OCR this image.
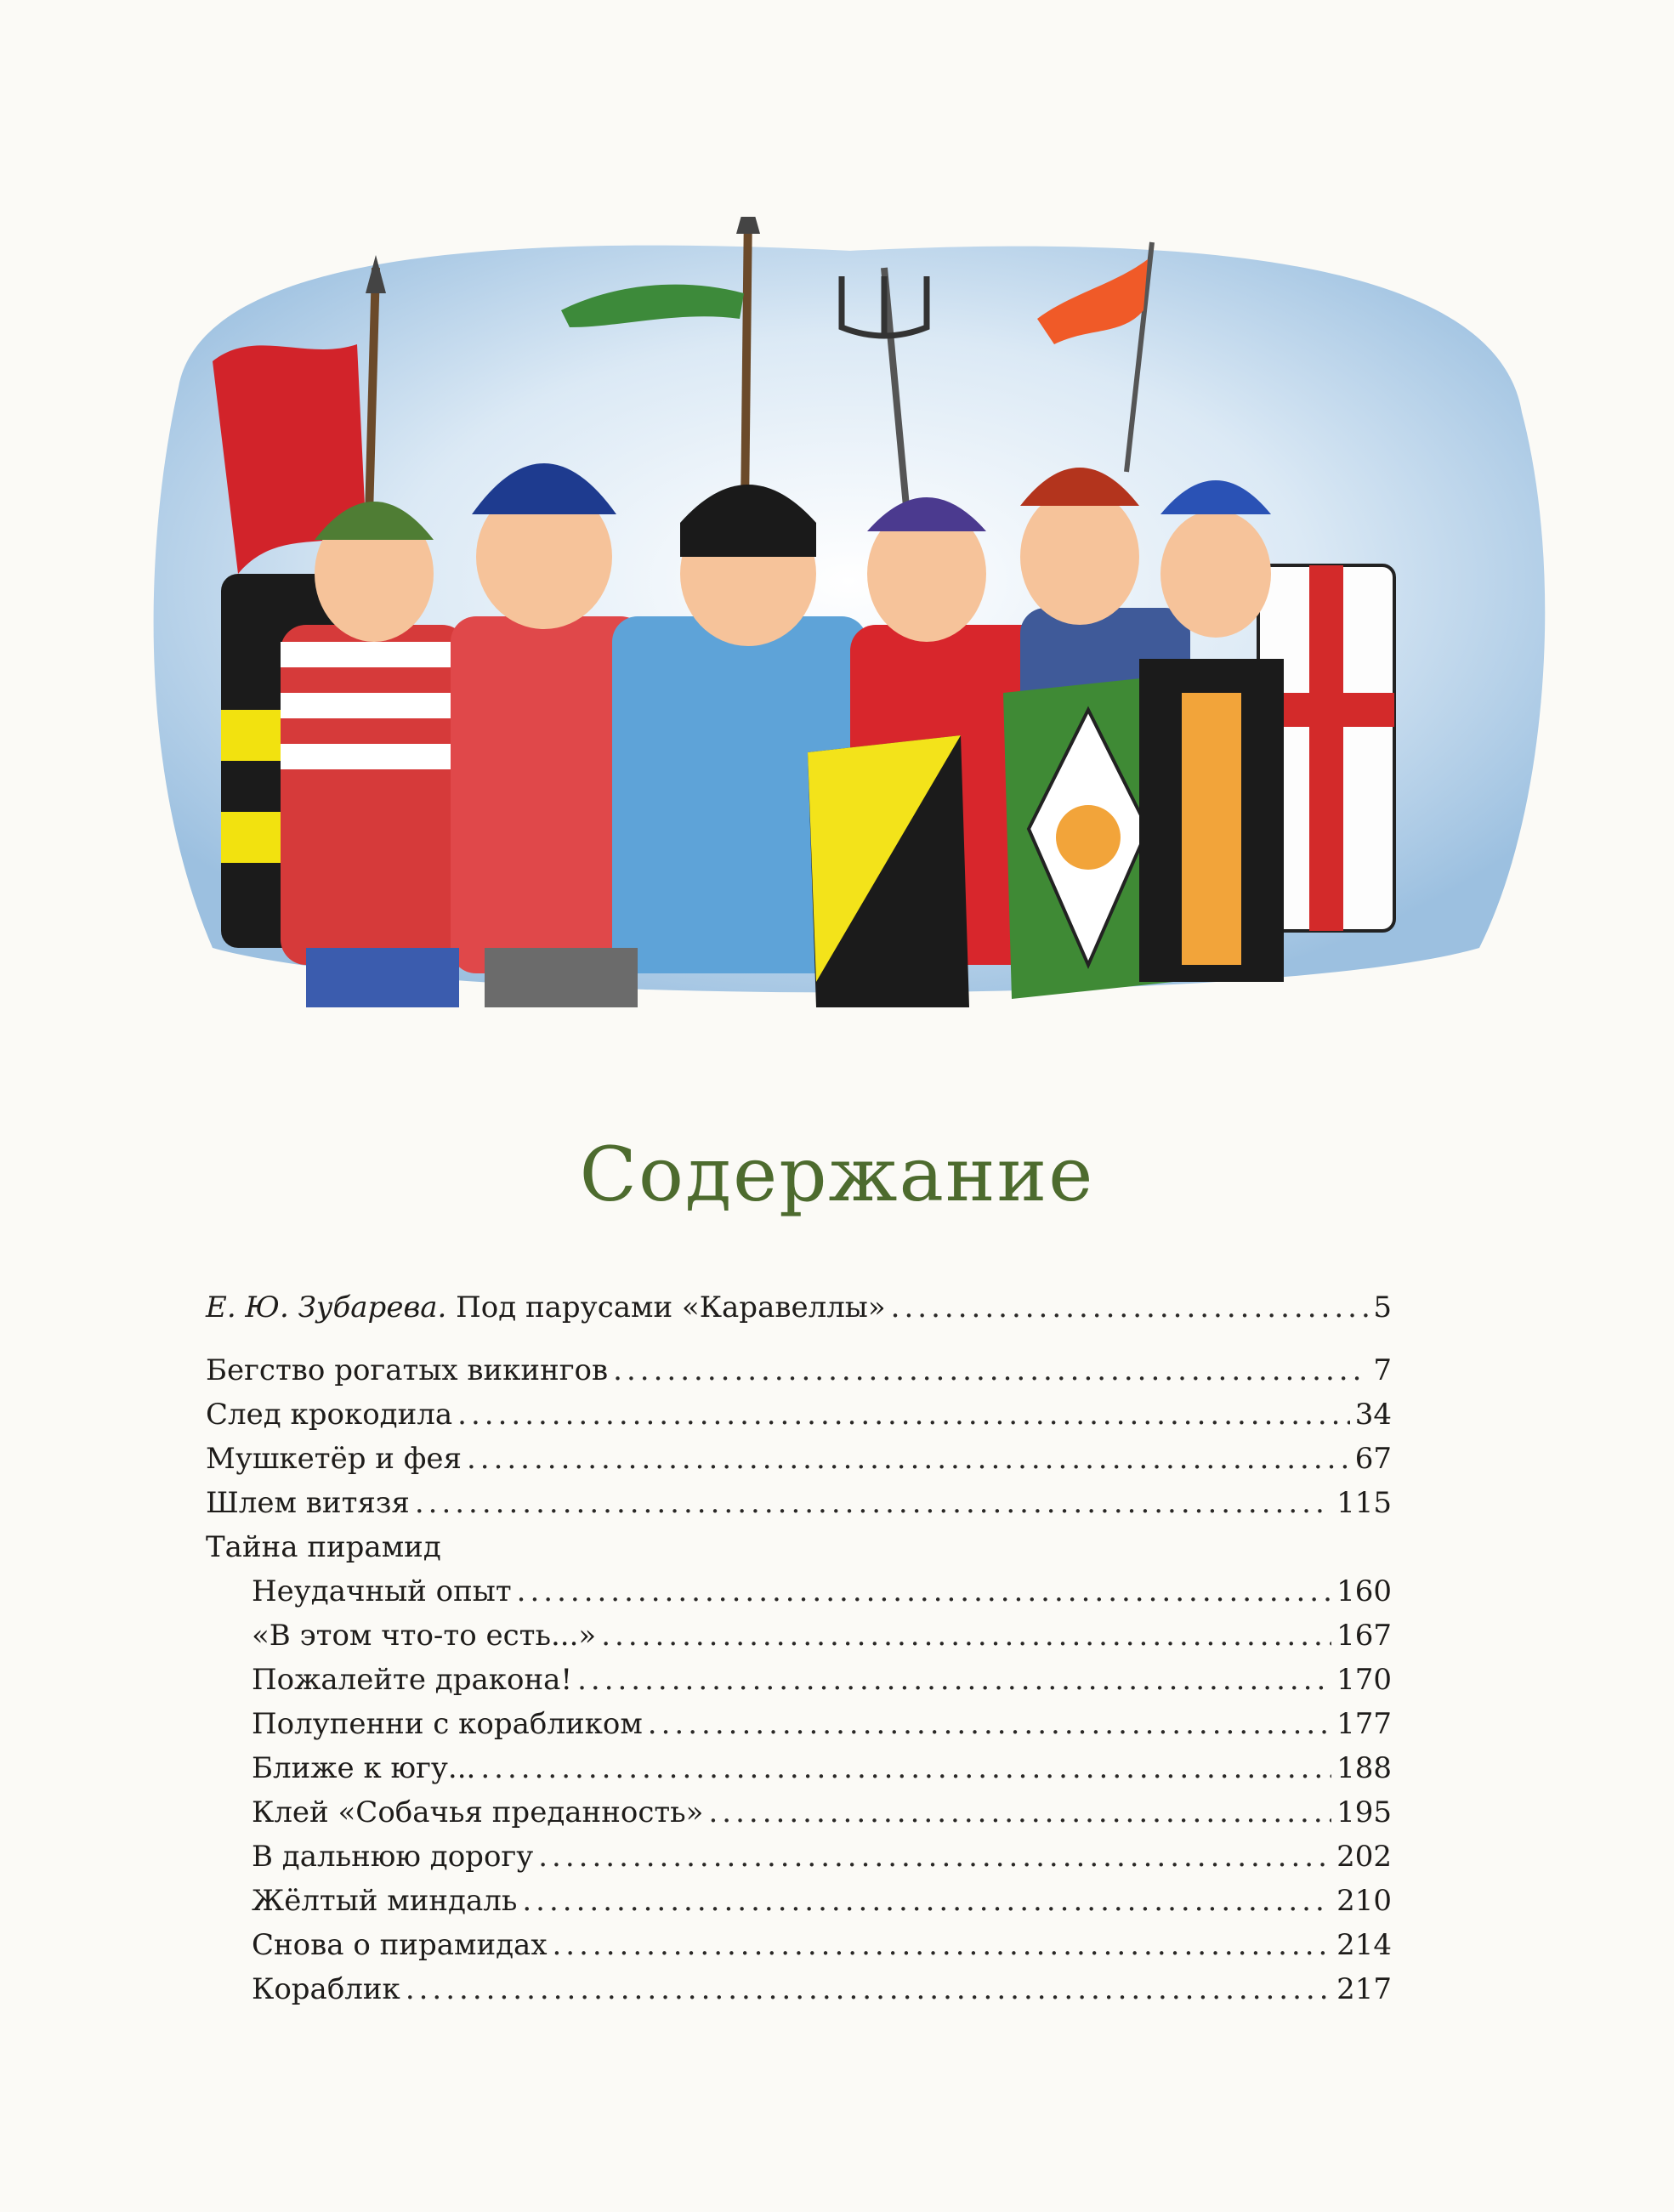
Содержание
Е. Ю. Зубарева. Под парусами «Каравеллы» .....	5
Бегство рогатых викингов .....	7
След крокодила .....	34
Мушкетёр и фея .....	67
Шлем витязя .....	115
Тайна пирамид
Неудачный опыт .....	160
«В этом что-то есть...» .....	167
Пожалейте дракона! .....	170
Полупенни с корабликом .....	177
Ближе к югу... .....	188
Клей «Собачья преданность» .....	195
В дальнюю дорогу .....	202
Жёлтый миндаль .....	210
Снова о пирамидах .....	214
Кораблик .....	217
